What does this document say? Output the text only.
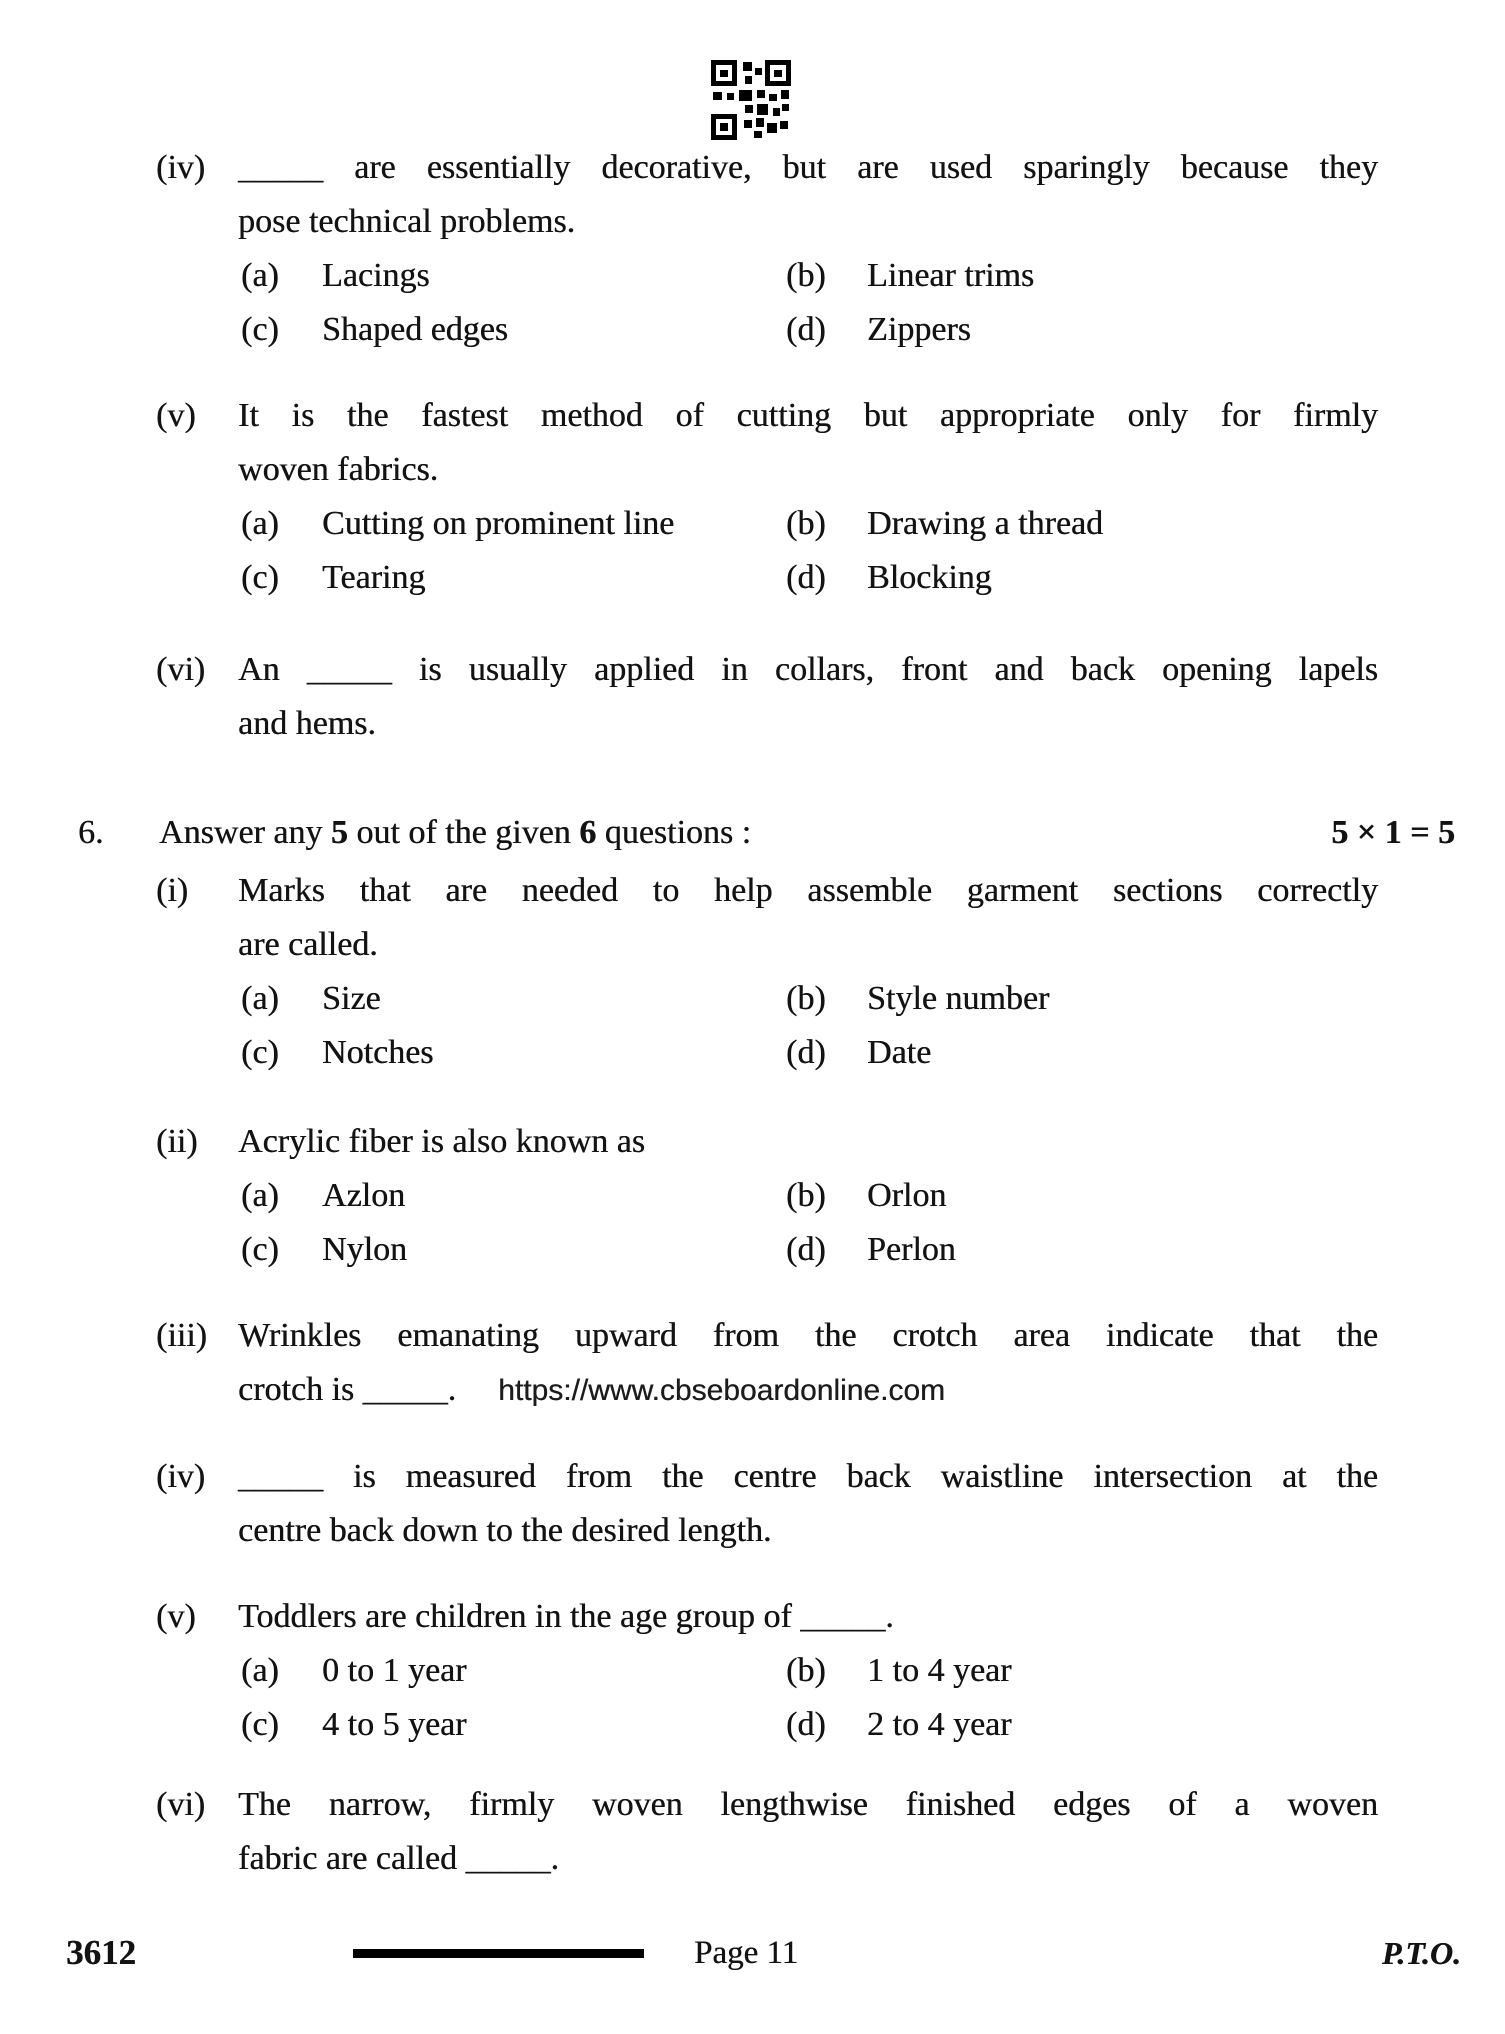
(iv) _____ are essentially decorative, but are used sparingly because they
pose technical problems.
(a) Lacings	(b) Linear trims
(c) Shaped edges	(d) Zippers
(v) It is the fastest method of cutting but appropriate only for firmly
woven fabrics.
(a) Cutting on prominent line	(b) Drawing a thread
(c) Tearing	(d) Blocking
(vi) An _____ is usually applied in collars, front and back opening lapels
and hems.
6. Answer any 5 out of the given 6 questions :	5 × 1 = 5
(i) Marks that are needed to help assemble garment sections correctly
are called.
(a) Size	(b) Style number
(c) Notches	(d) Date
(ii) Acrylic fiber is also known as
(a) Azlon	(b) Orlon
(c) Nylon	(d) Perlon
(iii) Wrinkles emanating upward from the crotch area indicate that the
crotch is _____. https://www.cbseboardonline.com
(iv) _____ is measured from the centre back waistline intersection at the
centre back down to the desired length.
(v) Toddlers are children in the age group of _____.
(a) 0 to 1 year	(b) 1 to 4 year
(c) 4 to 5 year	(d) 2 to 4 year
(vi) The narrow, firmly woven lengthwise finished edges of a woven
fabric are called _____.
3612	Page 11	P.T.O.
